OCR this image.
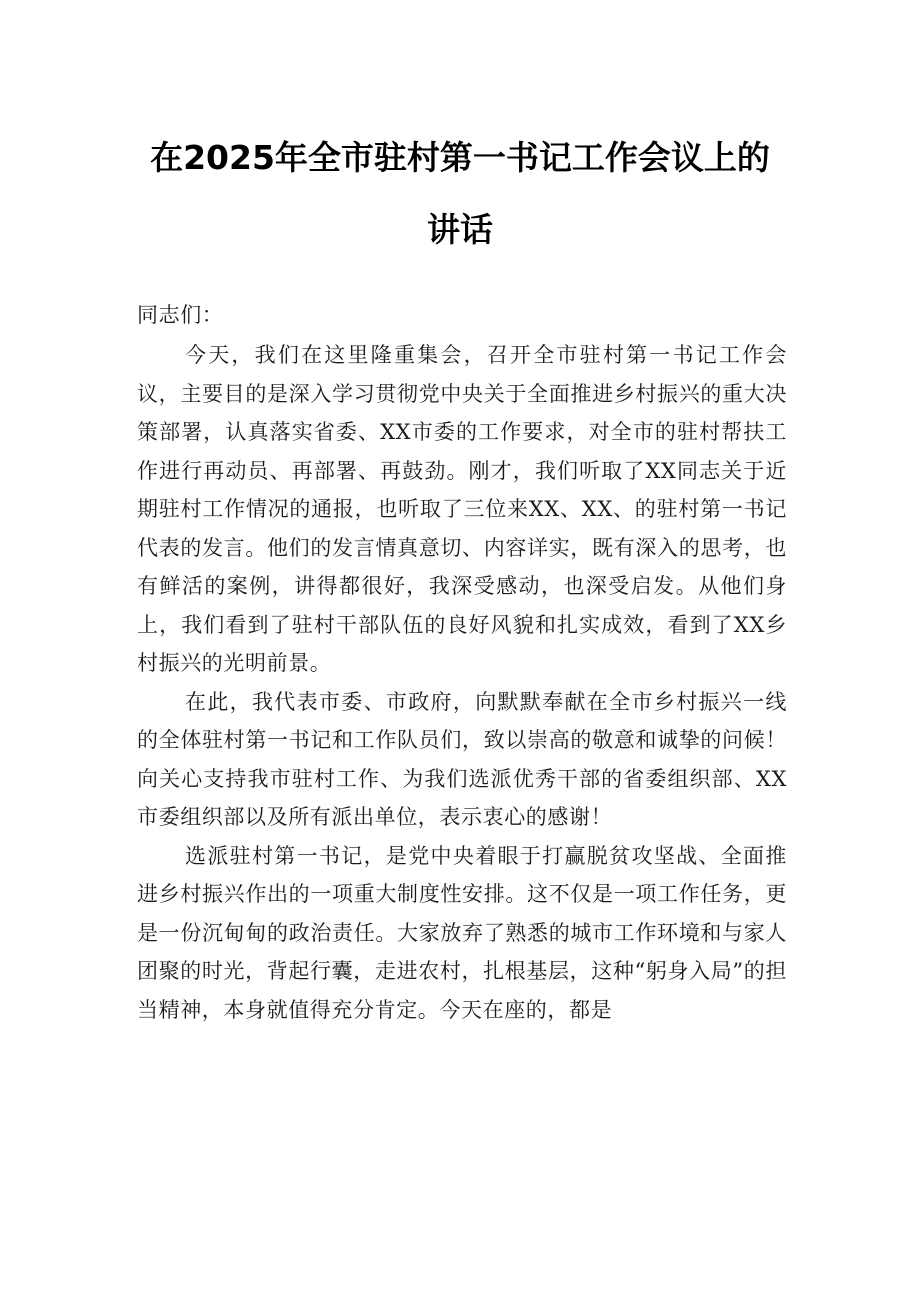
在2025年全市驻村第一书记工作会议上的
讲话
同志们：

今天，我们在这里隆重集会，召开全市驻村第一书记工作会议，主要目的是深入学习贯彻党中央关于全面推进乡村振兴的重大决策部署，认真落实省委、XX市委的工作要求，对全市的驻村帮扶工作进行再动员、再部署、再鼓劲。刚才，我们听取了XX同志关于近期驻村工作情况的通报，也听取了三位来XX、XX、的驻村第一书记代表的发言。他们的发言情真意切、内容详实，既有深入的思考，也有鲜活的案例，讲得都很好，我深受感动，也深受启发。从他们身上，我们看到了驻村干部队伍的良好风貌和扎实成效，看到了XX乡村振兴的光明前景。

在此，我代表市委、市政府，向默默奉献在全市乡村振兴一线的全体驻村第一书记和工作队员们，致以崇高的敬意和诚挚的问候！向关心支持我市驻村工作、为我们选派优秀干部的省委组织部、XX市委组织部以及所有派出单位，表示衷心的感谢！

选派驻村第一书记，是党中央着眼于打赢脱贫攻坚战、全面推进乡村振兴作出的一项重大制度性安排。这不仅是一项工作任务，更是一份沉甸甸的政治责任。大家放弃了熟悉的城市工作环境和与家人团聚的时光，背起行囊，走进农村，扎根基层，这种“躬身入局”的担当精神，本身就值得充分肯定。今天在座的，都是
